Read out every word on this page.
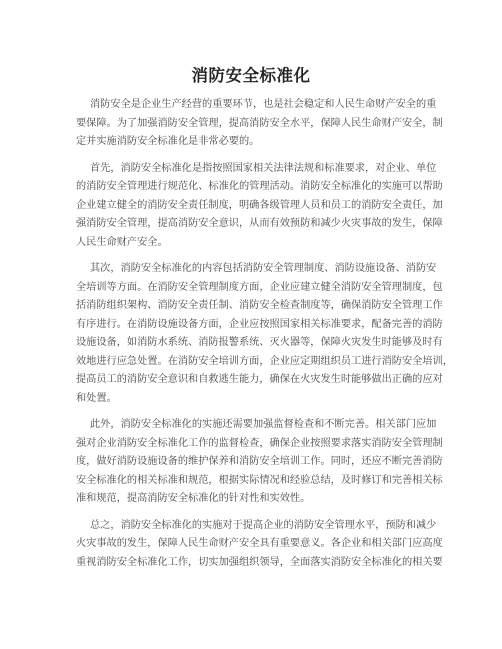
消防安全标准化
消防安全是企业生产经营的重要环节，也是社会稳定和人民生命财产安全的重
要保障。为了加强消防安全管理，提高消防安全水平，保障人民生命财产安全，制
定并实施消防安全标准化是非常必要的。
首先，消防安全标准化是指按照国家相关法律法规和标准要求，对企业、单位
的消防安全管理进行规范化、标准化的管理活动。消防安全标准化的实施可以帮助
企业建立健全的消防安全责任制度，明确各级管理人员和员工的消防安全责任，加
强消防安全管理，提高消防安全意识，从而有效预防和减少火灾事故的发生，保障
人民生命财产安全。
其次，消防安全标准化的内容包括消防安全管理制度、消防设施设备、消防安
全培训等方面。在消防安全管理制度方面，企业应建立健全消防安全管理制度，包
括消防组织架构、消防安全责任制、消防安全检查制度等，确保消防安全管理工作
有序进行。在消防设施设备方面，企业应按照国家相关标准要求，配备完善的消防
设施设备，如消防水系统、消防报警系统、灭火器等，保障火灾发生时能够及时有
效地进行应急处置。在消防安全培训方面，企业应定期组织员工进行消防安全培训，
提高员工的消防安全意识和自救逃生能力，确保在火灾发生时能够做出正确的应对
和处置。
此外，消防安全标准化的实施还需要加强监督检查和不断完善。相关部门应加
强对企业消防安全标准化工作的监督检查，确保企业按照要求落实消防安全管理制
度，做好消防设施设备的维护保养和消防安全培训工作。同时，还应不断完善消防
安全标准化的相关标准和规范，根据实际情况和经验总结，及时修订和完善相关标
准和规范，提高消防安全标准化的针对性和实效性。
总之，消防安全标准化的实施对于提高企业的消防安全管理水平，预防和减少
火灾事故的发生，保障人民生命财产安全具有重要意义。各企业和相关部门应高度
重视消防安全标准化工作，切实加强组织领导，全面落实消防安全标准化的相关要
